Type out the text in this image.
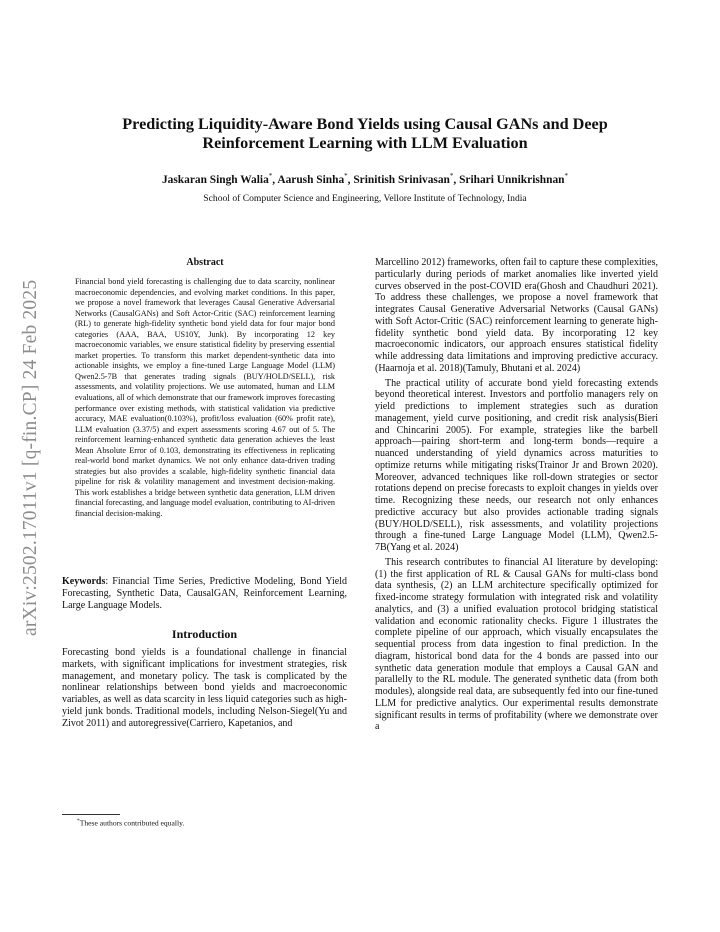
arXiv:2502.17011v1 [q-fin.CP] 24 Feb 2025
Predicting Liquidity-Aware Bond Yields using Causal GANs and Deep Reinforcement Learning with LLM Evaluation
Jaskaran Singh Walia*, Aarush Sinha*, Srinitish Srinivasan*, Srihari Unnikrishnan*
School of Computer Science and Engineering, Vellore Institute of Technology, India
Abstract
Financial bond yield forecasting is challenging due to data scarcity, nonlinear macroeconomic dependencies, and evolving market conditions. In this paper, we propose a novel framework that leverages Causal Generative Adversarial Networks (CausalGANs) and Soft Actor-Critic (SAC) reinforcement learning (RL) to generate high-fidelity synthetic bond yield data for four major bond categories (AAA, BAA, US10Y, Junk). By incorporating 12 key macroeconomic variables, we ensure statistical fidelity by preserving essential market properties. To transform this market dependent-synthetic data into actionable insights, we employ a fine-tuned Large Language Model (LLM) Qwen2.5-7B that generates trading signals (BUY/HOLD/SELL), risk assessments, and volatility projections. We use automated, human and LLM evaluations, all of which demonstrate that our framework improves forecasting performance over existing methods, with statistical validation via predictive accuracy, MAE evaluation(0.103%), profit/loss evaluation (60% profit rate), LLM evaluation (3.37/5) and expert assessments scoring 4.67 out of 5. The reinforcement learning-enhanced synthetic data generation achieves the least Mean Absolute Error of 0.103, demonstrating its effectiveness in replicating real-world bond market dynamics. We not only enhance data-driven trading strategies but also provides a scalable, high-fidelity synthetic financial data pipeline for risk & volatility management and investment decision-making. This work establishes a bridge between synthetic data generation, LLM driven financial forecasting, and language model evaluation, contributing to AI-driven financial decision-making.
Keywords: Financial Time Series, Predictive Modeling, Bond Yield Forecasting, Synthetic Data, CausalGAN, Reinforcement Learning, Large Language Models.
Introduction
Forecasting bond yields is a foundational challenge in financial markets, with significant implications for investment strategies, risk management, and monetary policy. The task is complicated by the nonlinear relationships between bond yields and macroeconomic variables, as well as data scarcity in less liquid categories such as high-yield junk bonds. Traditional models, including Nelson-Siegel(Yu and Zivot 2011) and autoregressive(Carriero, Kapetanios, and
*These authors contributed equally.

Marcellino 2012) frameworks, often fail to capture these complexities, particularly during periods of market anomalies like inverted yield curves observed in the post-COVID era(Ghosh and Chaudhuri 2021). To address these challenges, we propose a novel framework that integrates Causal Generative Adversarial Networks (Causal GANs) with Soft Actor-Critic (SAC) reinforcement learning to generate high-fidelity synthetic bond yield data. By incorporating 12 key macroeconomic indicators, our approach ensures statistical fidelity while addressing data limitations and improving predictive accuracy.(Haarnoja et al. 2018)(Tamuly, Bhutani et al. 2024)

The practical utility of accurate bond yield forecasting extends beyond theoretical interest. Investors and portfolio managers rely on yield predictions to implement strategies such as duration management, yield curve positioning, and credit risk analysis(Bieri and Chincarini 2005). For example, strategies like the barbell approach—pairing short-term and long-term bonds—require a nuanced understanding of yield dynamics across maturities to optimize returns while mitigating risks(Trainor Jr and Brown 2020). Moreover, advanced techniques like roll-down strategies or sector rotations depend on precise forecasts to exploit changes in yields over time. Recognizing these needs, our research not only enhances predictive accuracy but also provides actionable trading signals (BUY/HOLD/SELL), risk assessments, and volatility projections through a fine-tuned Large Language Model (LLM), Qwen2.5-7B(Yang et al. 2024)

This research contributes to financial AI literature by developing: (1) the first application of RL & Causal GANs for multi-class bond data synthesis, (2) an LLM architecture specifically optimized for fixed-income strategy formulation with integrated risk and volatility analytics, and (3) a unified evaluation protocol bridging statistical validation and economic rationality checks. Figure 1 illustrates the complete pipeline of our approach, which visually encapsulates the sequential process from data ingestion to final prediction. In the diagram, historical bond data for the 4 bonds are passed into our synthetic data generation module that employs a Causal GAN and parallelly to the RL module. The generated synthetic data (from both modules), alongside real data, are subsequently fed into our fine-tuned LLM for predictive analytics. Our experimental results demonstrate significant results in terms of profitability (where we demonstrate over a
